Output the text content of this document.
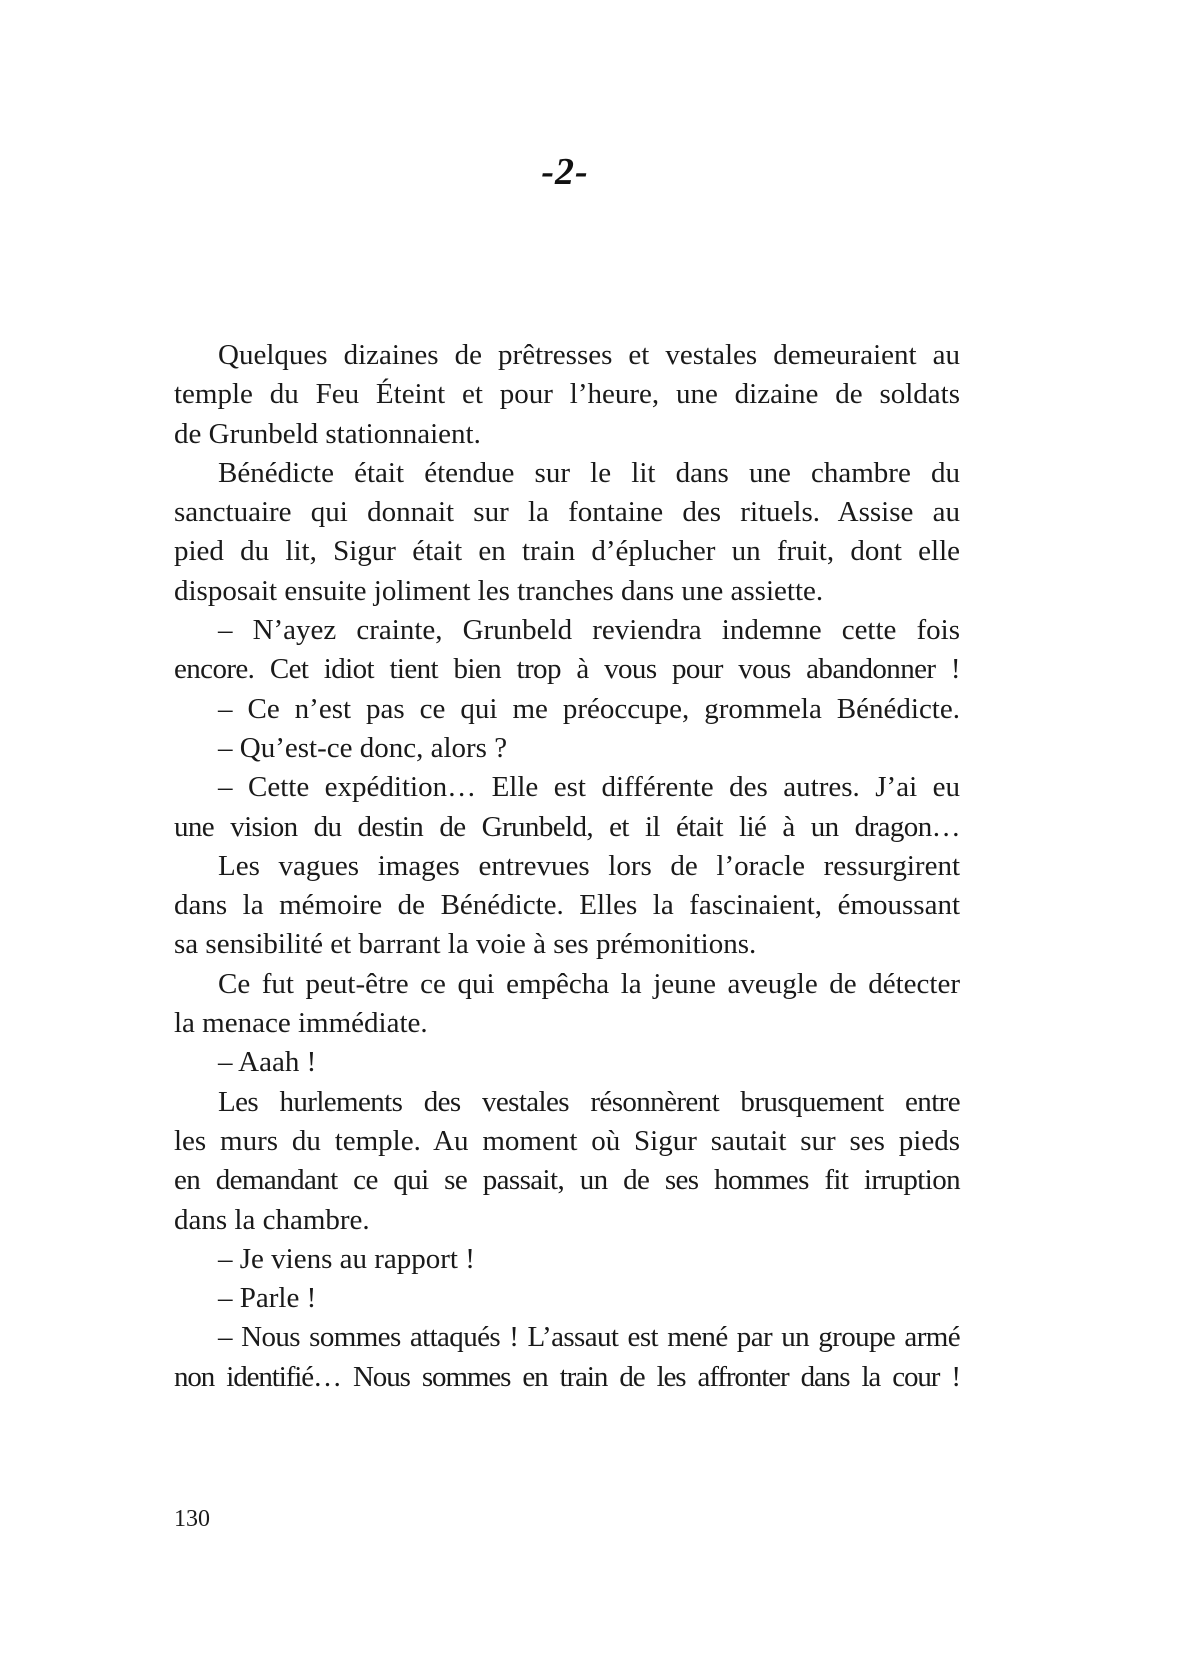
-2-
Quelques dizaines de prêtresses et vestales demeuraient au
temple du Feu Éteint et pour l’heure, une dizaine de soldats
de Grunbeld stationnaient.
Bénédicte était étendue sur le lit dans une chambre du
sanctuaire qui donnait sur la fontaine des rituels. Assise au
pied du lit, Sigur était en train d’éplucher un fruit, dont elle
disposait ensuite joliment les tranches dans une assiette.
– N’ayez crainte, Grunbeld reviendra indemne cette fois
encore. Cet idiot tient bien trop à vous pour vous abandonner !
– Ce n’est pas ce qui me préoccupe, grommela Bénédicte.
– Qu’est-ce donc, alors ?
– Cette expédition… Elle est différente des autres. J’ai eu
une vision du destin de Grunbeld, et il était lié à un dragon…
Les vagues images entrevues lors de l’oracle ressurgirent
dans la mémoire de Bénédicte. Elles la fascinaient, émoussant
sa sensibilité et barrant la voie à ses prémonitions.
Ce fut peut-être ce qui empêcha la jeune aveugle de détecter
la menace immédiate.
– Aaah !
Les hurlements des vestales résonnèrent brusquement entre
les murs du temple. Au moment où Sigur sautait sur ses pieds
en demandant ce qui se passait, un de ses hommes fit irruption
dans la chambre.
– Je viens au rapport !
– Parle !
– Nous sommes attaqués ! L’assaut est mené par un groupe armé
non identifié… Nous sommes en train de les affronter dans la cour !
130
